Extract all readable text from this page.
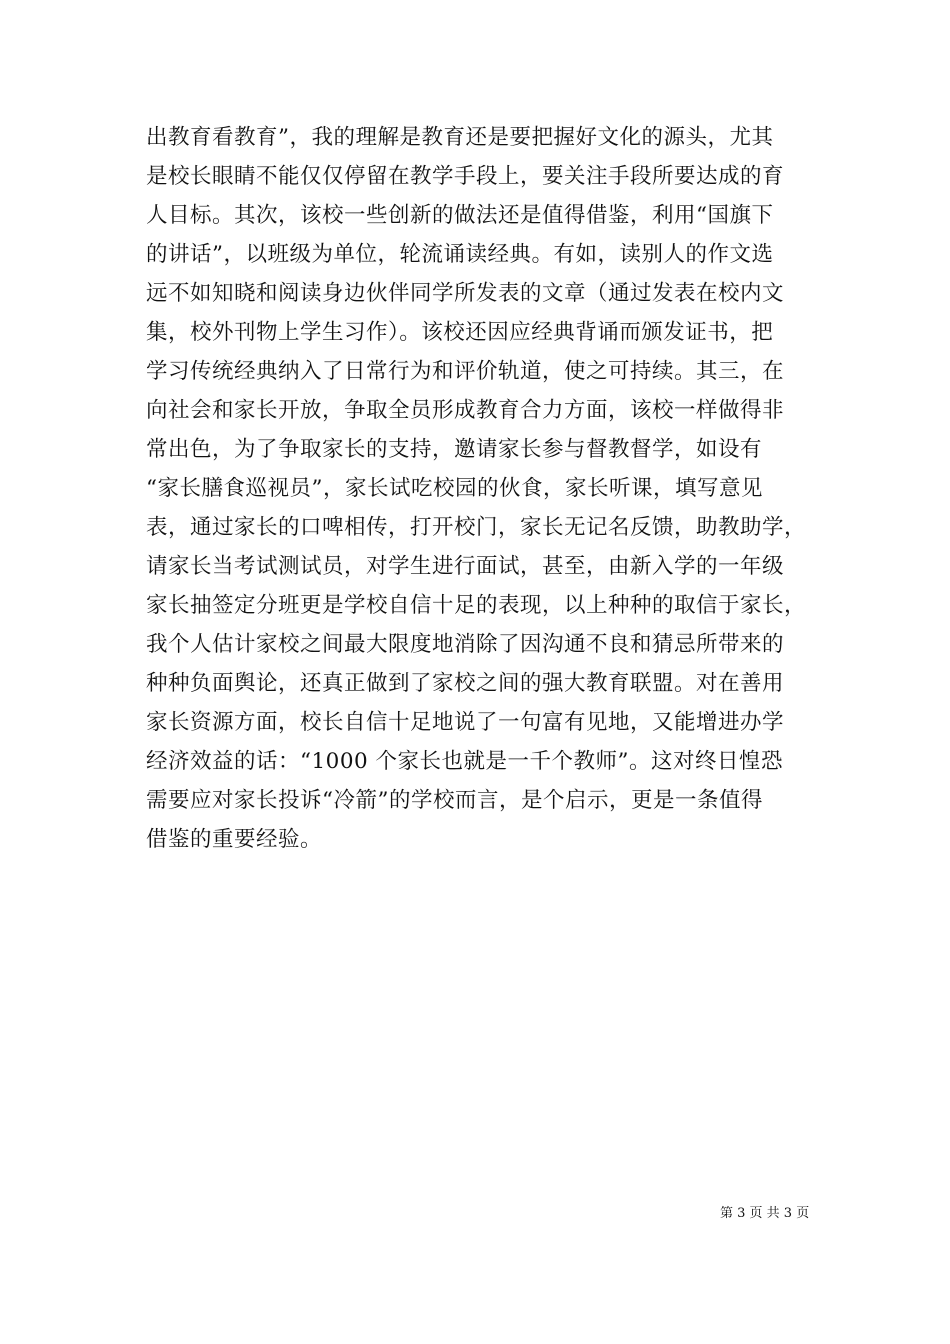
出教育看教育”，我的理解是教育还是要把握好文化的源头，尤其
是校长眼睛不能仅仅停留在教学手段上，要关注手段所要达成的育
人目标。其次，该校一些创新的做法还是值得借鉴，利用“国旗下
的讲话”，以班级为单位，轮流诵读经典。有如，读别人的作文选
远不如知晓和阅读身边伙伴同学所发表的文章（通过发表在校内文
集，校外刊物上学生习作）。该校还因应经典背诵而颁发证书，把
学习传统经典纳入了日常行为和评价轨道，使之可持续。其三，在
向社会和家长开放，争取全员形成教育合力方面，该校一样做得非
常出色，为了争取家长的支持，邀请家长参与督教督学，如设有
“家长膳食巡视员”，家长试吃校园的伙食，家长听课，填写意见
表，通过家长的口啤相传，打开校门，家长无记名反馈，助教助学，
请家长当考试测试员，对学生进行面试，甚至，由新入学的一年级
家长抽签定分班更是学校自信十足的表现，以上种种的取信于家长，
我个人估计家校之间最大限度地消除了因沟通不良和猜忌所带来的
种种负面舆论，还真正做到了家校之间的强大教育联盟。对在善用
家长资源方面，校长自信十足地说了一句富有见地，又能增进办学
经济效益的话：“1000 个家长也就是一千个教师”。这对终日惶恐
需要应对家长投诉“冷箭”的学校而言，是个启示，更是一条值得
借鉴的重要经验。
第 3 页 共 3 页
